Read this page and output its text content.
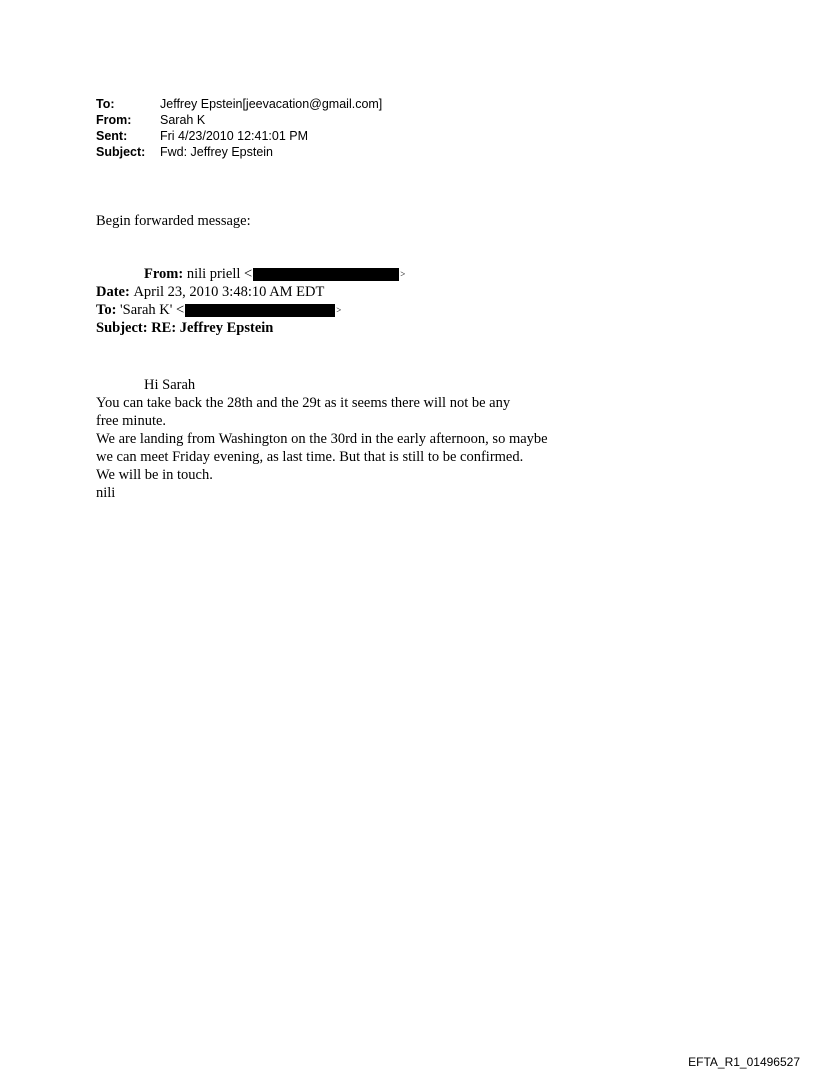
To:	Jeffrey Epstein[jeevacation@gmail.com]
From:	Sarah K
Sent:	Fri 4/23/2010 12:41:01 PM
Subject:	Fwd: Jeffrey Epstein
Begin forwarded message:
From:
nili priell <	>
Date:
April 23, 2010 3:48:10 AM EDT
To:
'Sarah K' <	>
Subject:
RE: Jeffrey Epstein
Hi Sarah
You can take back the 28th and the 29t as it seems there will not be any
free minute.
We are landing from Washington on the 30rd in the early afternoon, so maybe
we can meet Friday evening, as last time. But that is still to be confirmed.
We will be in touch.
nili
EFTA_R1_01496527
